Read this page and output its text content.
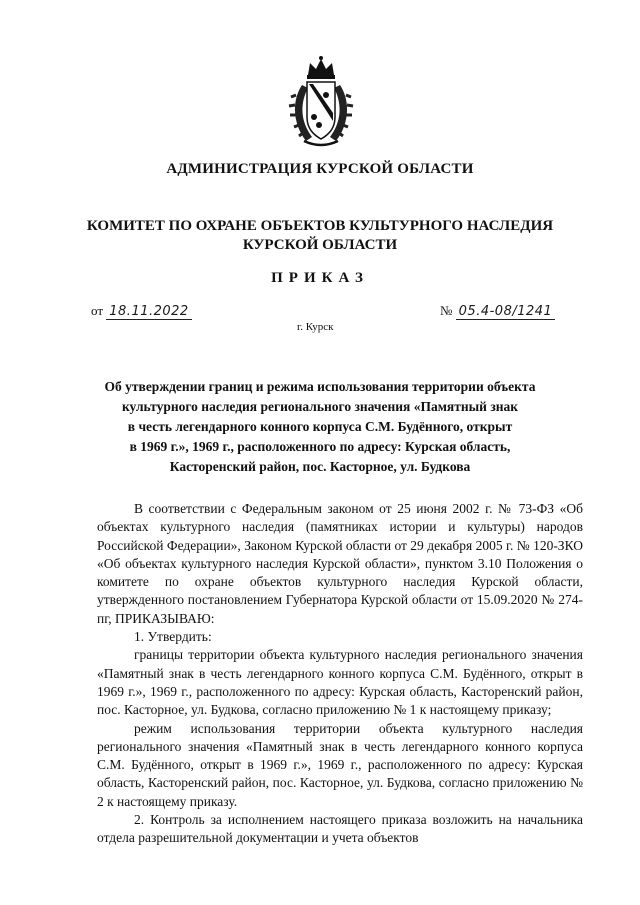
АДМИНИСТРАЦИЯ КУРСКОЙ ОБЛАСТИ
КОМИТЕТ ПО ОХРАНЕ ОБЪЕКТОВ КУЛЬТУРНОГО НАСЛЕДИЯ
КУРСКОЙ ОБЛАСТИ
ПРИКАЗ
от 18.11.2022	№ 05.4-08/1241
г. Курск
Об утверждении границ и режима использования территории объекта
культурного наследия регионального значения «Памятный знак
в честь легендарного конного корпуса С.М. Будённого, открыт
в 1969 г.», 1969 г., расположенного по адресу: Курская область,
Касторенский район, пос. Касторное, ул. Будкова

В соответствии с Федеральным законом от 25 июня 2002 г. № 73-ФЗ «Об объектах культурного наследия (памятниках истории и культуры) народов Российской Федерации», Законом Курской области от 29 декабря 2005 г. № 120-ЗКО «Об объектах культурного наследия Курской области», пунктом 3.10 Положения о комитете по охране объектов культурного наследия Курской области, утвержденного постановлением Губернатора Курской области от 15.09.2020 № 274-пг, ПРИКАЗЫВАЮ:

1. Утвердить:

границы территории объекта культурного наследия регионального значения «Памятный знак в честь легендарного конного корпуса С.М. Будённого, открыт в 1969 г.», 1969 г., расположенного по адресу: Курская область, Касторенский район, пос. Касторное, ул. Будкова, согласно приложению № 1 к настоящему приказу;

режим использования территории объекта культурного наследия регионального значения «Памятный знак в честь легендарного конного корпуса С.М. Будённого, открыт в 1969 г.», 1969 г., расположенного по адресу: Курская область, Касторенский район, пос. Касторное, ул. Будкова, согласно приложению № 2 к настоящему приказу.

2. Контроль за исполнением настоящего приказа возложить на начальника отдела разрешительной документации и учета объектов
